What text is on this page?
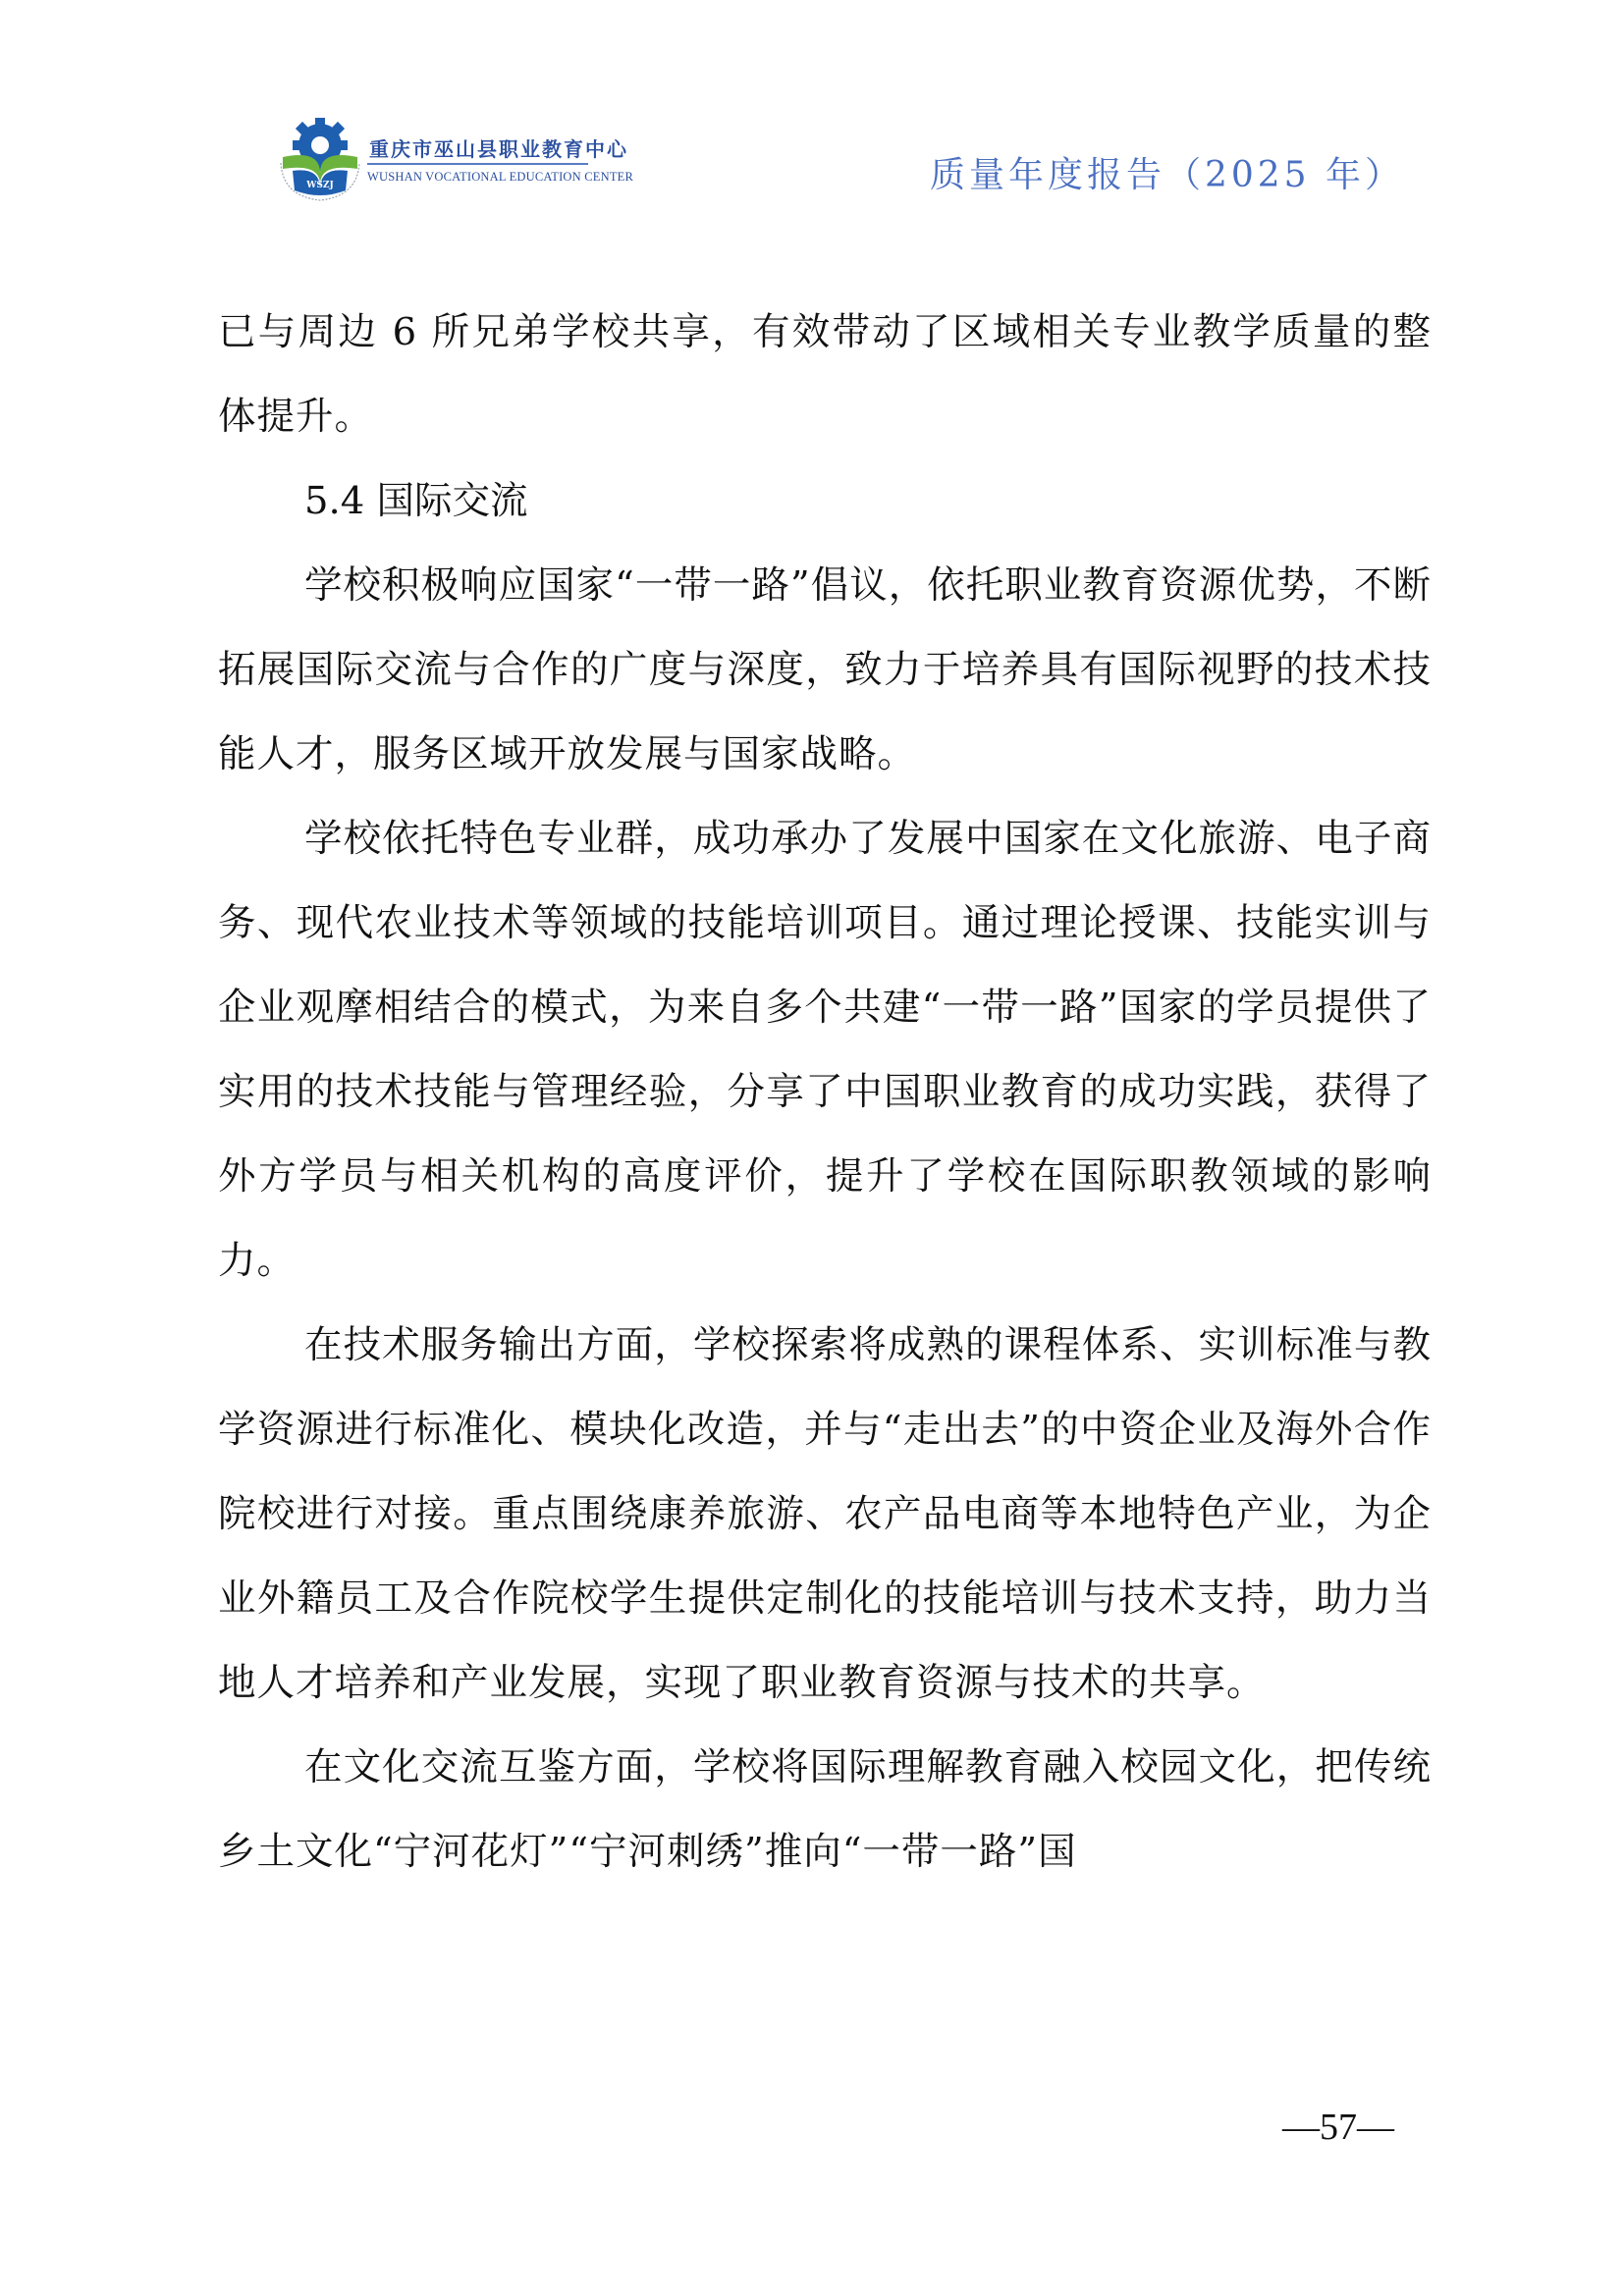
WSZJ
重庆市巫山县职业教育中心
WUSHAN VOCATIONAL EDUCATION CENTER	质量年度报告（2025 年）

已与周边 6 所兄弟学校共享，有效带动了区域相关专业教学质量的整体提升。

5.4 国际交流

学校积极响应国家“一带一路”倡议，依托职业教育资源优势，不断拓展国际交流与合作的广度与深度，致力于培养具有国际视野的技术技能人才，服务区域开放发展与国家战略。

学校依托特色专业群，成功承办了发展中国家在文化旅游、电子商务、现代农业技术等领域的技能培训项目。通过理论授课、技能实训与企业观摩相结合的模式，为来自多个共建“一带一路”国家的学员提供了实用的技术技能与管理经验，分享了中国职业教育的成功实践，获得了外方学员与相关机构的高度评价，提升了学校在国际职教领域的影响力。

在技术服务输出方面，学校探索将成熟的课程体系、实训标准与教学资源进行标准化、模块化改造，并与“走出去”的中资企业及海外合作院校进行对接。重点围绕康养旅游、农产品电商等本地特色产业，为企业外籍员工及合作院校学生提供定制化的技能培训与技术支持，助力当地人才培养和产业发展，实现了职业教育资源与技术的共享。

在文化交流互鉴方面，学校将国际理解教育融入校园文化，把传统乡土文化“宁河花灯”“宁河刺绣”推向“一带一路”国

—57—
